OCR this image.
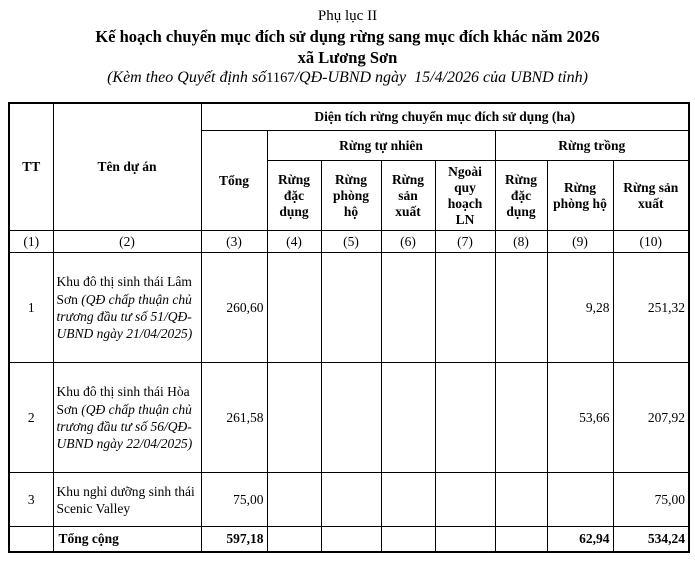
Phụ lục II
Kế hoạch chuyển mục đích sử dụng rừng sang mục đích khác năm 2026
xã Lương Sơn
(Kèm theo Quyết định số1167/QĐ-UBND ngày  15/4/2026 của UBND tỉnh)
TT	Tên dự án	Diện tích rừng chuyển mục đích sử dụng (ha)							
		Tổng	Rừng tự nhiên				Rừng trồng		
			Rừng đặc dụng	Rừng phòng hộ	Rừng sản xuất	Ngoài quy hoạch LN	Rừng đặc dụng	Rừng phòng hộ	Rừng sản xuất
(1)	(2)	(3)	(4)	(5)	(6)	(7)	(8)	(9)	(10)
1	Khu đô thị sinh thái Lâm Sơn (QĐ chấp thuận chủ trương đầu tư số 51/QĐ-UBND ngày 21/04/2025)	260,60						9,28	251,32
2	Khu đô thị sinh thái Hòa Sơn (QĐ chấp thuận chủ trương đầu tư số 56/QĐ-UBND ngày 22/04/2025)	261,58						53,66	207,92
3	Khu nghỉ dưỡng sinh thái Scenic Valley	75,00							75,00
	Tổng cộng	597,18						62,94	534,24
